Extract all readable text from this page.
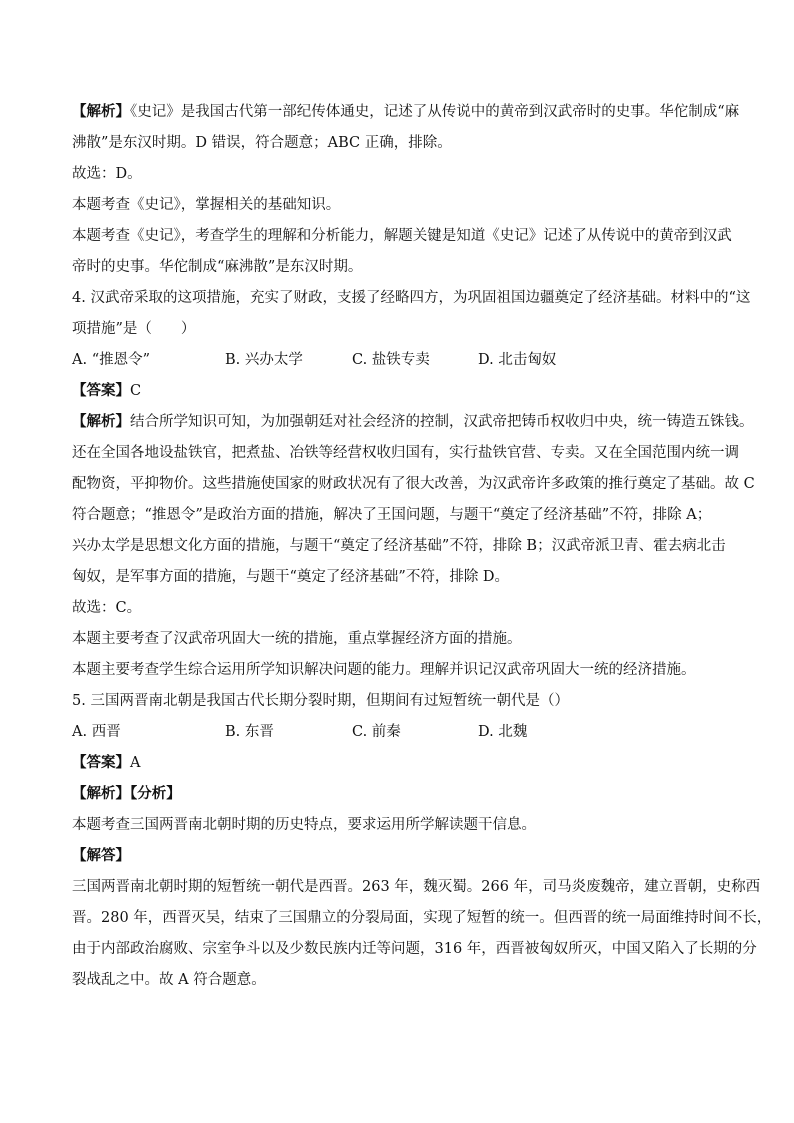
【解析】《史记》是我国古代第一部纪传体通史，记述了从传说中的黄帝到汉武帝时的史事。华佗制成“麻
沸散”是东汉时期。D 错误，符合题意；ABC 正确，排除。
故选：D。
本题考查《史记》，掌握相关的基础知识。
本题考查《史记》，考查学生的理解和分析能力，解题关键是知道《史记》记述了从传说中的黄帝到汉武
帝时的史事。华佗制成“麻沸散”是东汉时期。
4. 汉武帝采取的这项措施，充实了财政，支援了经略四方，为巩固祖国边疆奠定了经济基础。材料中的“这
项措施”是（　　）
A. “推恩令”	B. 兴办太学	C. 盐铁专卖	D. 北击匈奴
【答案】C
【解析】结合所学知识可知，为加强朝廷对社会经济的控制，汉武帝把铸币权收归中央，统一铸造五铢钱。
还在全国各地设盐铁官，把煮盐、冶铁等经营权收归国有，实行盐铁官营、专卖。又在全国范围内统一调
配物资，平抑物价。这些措施使国家的财政状况有了很大改善，为汉武帝许多政策的推行奠定了基础。故 C
符合题意；“推恩令”是政治方面的措施，解决了王国问题，与题干“奠定了经济基础”不符，排除 A；
兴办太学是思想文化方面的措施，与题干“奠定了经济基础”不符，排除 B；汉武帝派卫青、霍去病北击
匈奴，是军事方面的措施，与题干“奠定了经济基础”不符，排除 D。
故选：C。
本题主要考查了汉武帝巩固大一统的措施，重点掌握经济方面的措施。
本题主要考查学生综合运用所学知识解决问题的能力。理解并识记汉武帝巩固大一统的经济措施。
5. 三国两晋南北朝是我国古代长期分裂时期，但期间有过短暂统一朝代是（）
A. 西晋	B. 东晋	C. 前秦	D. 北魏
【答案】A
【解析】【分析】
本题考查三国两晋南北朝时期的历史特点，要求运用所学解读题干信息。
【解答】
三国两晋南北朝时期的短暂统一朝代是西晋。263 年，魏灭蜀。266 年，司马炎废魏帝，建立晋朝，史称西
晋。280 年，西晋灭吴，结束了三国鼎立的分裂局面，实现了短暂的统一。但西晋的统一局面维持时间不长，
由于内部政治腐败、宗室争斗以及少数民族内迁等问题，316 年，西晋被匈奴所灭，中国又陷入了长期的分
裂战乱之中。故 A 符合题意。
